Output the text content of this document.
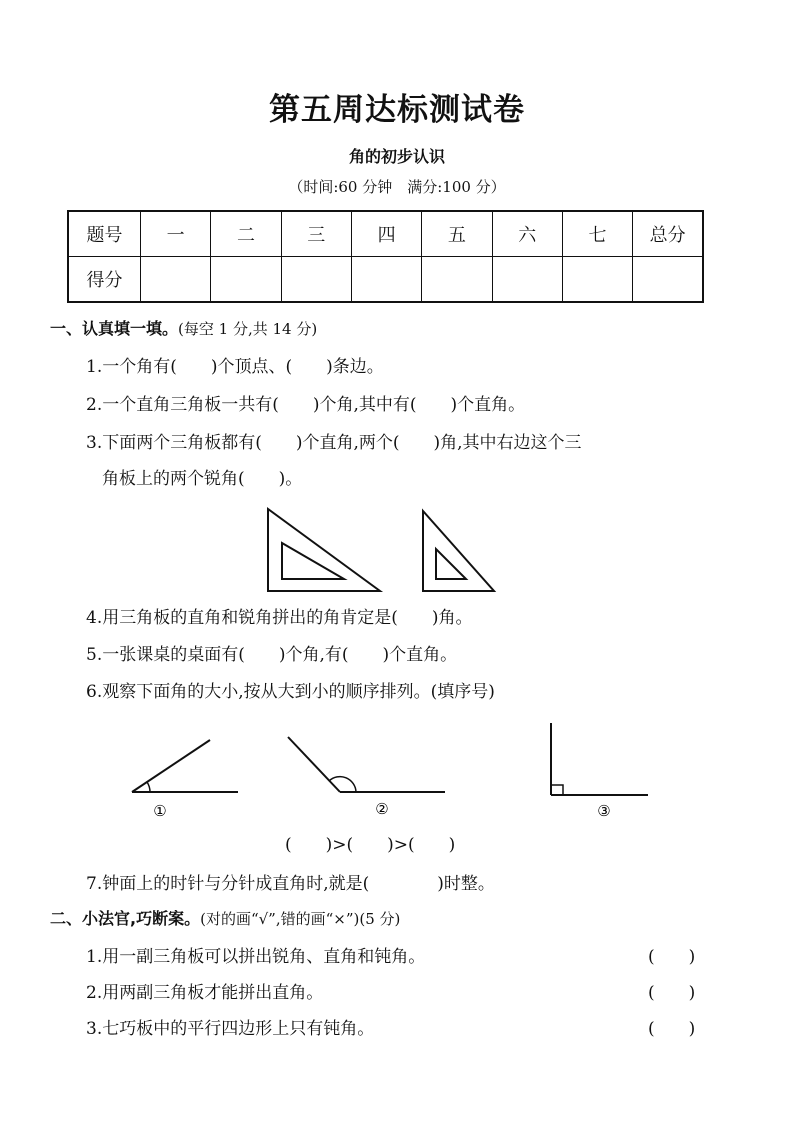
第五周达标测试卷
角的初步认识
（时间:60 分钟　满分:100 分）
题号	一	二	三	四	五	六	七	总分
得分								
一、认真填一填。(每空 1 分,共 14 分)
1.一个角有(　　)个顶点、(　　)条边。
2.一个直角三角板一共有(　　)个角,其中有(　　)个直角。
3.下面两个三角板都有(　　)个直角,两个(　　)角,其中右边这个三
角板上的两个锐角(　　)。
4.用三角板的直角和锐角拼出的角肯定是(　　)角。
5.一张课桌的桌面有(　　)个角,有(　　)个直角。
6.观察下面角的大小,按从大到小的顺序排列。(填序号)
①	②	③
(　　)>(　　)>(　　)
7.钟面上的时针与分针成直角时,就是(　　　　)时整。
二、小法官,巧断案。(对的画“√”,错的画“×”)(5 分)
1.用一副三角板可以拼出锐角、直角和钝角。	(　　)
2.用两副三角板才能拼出直角。	(　　)
3.七巧板中的平行四边形上只有钝角。	(　　)
